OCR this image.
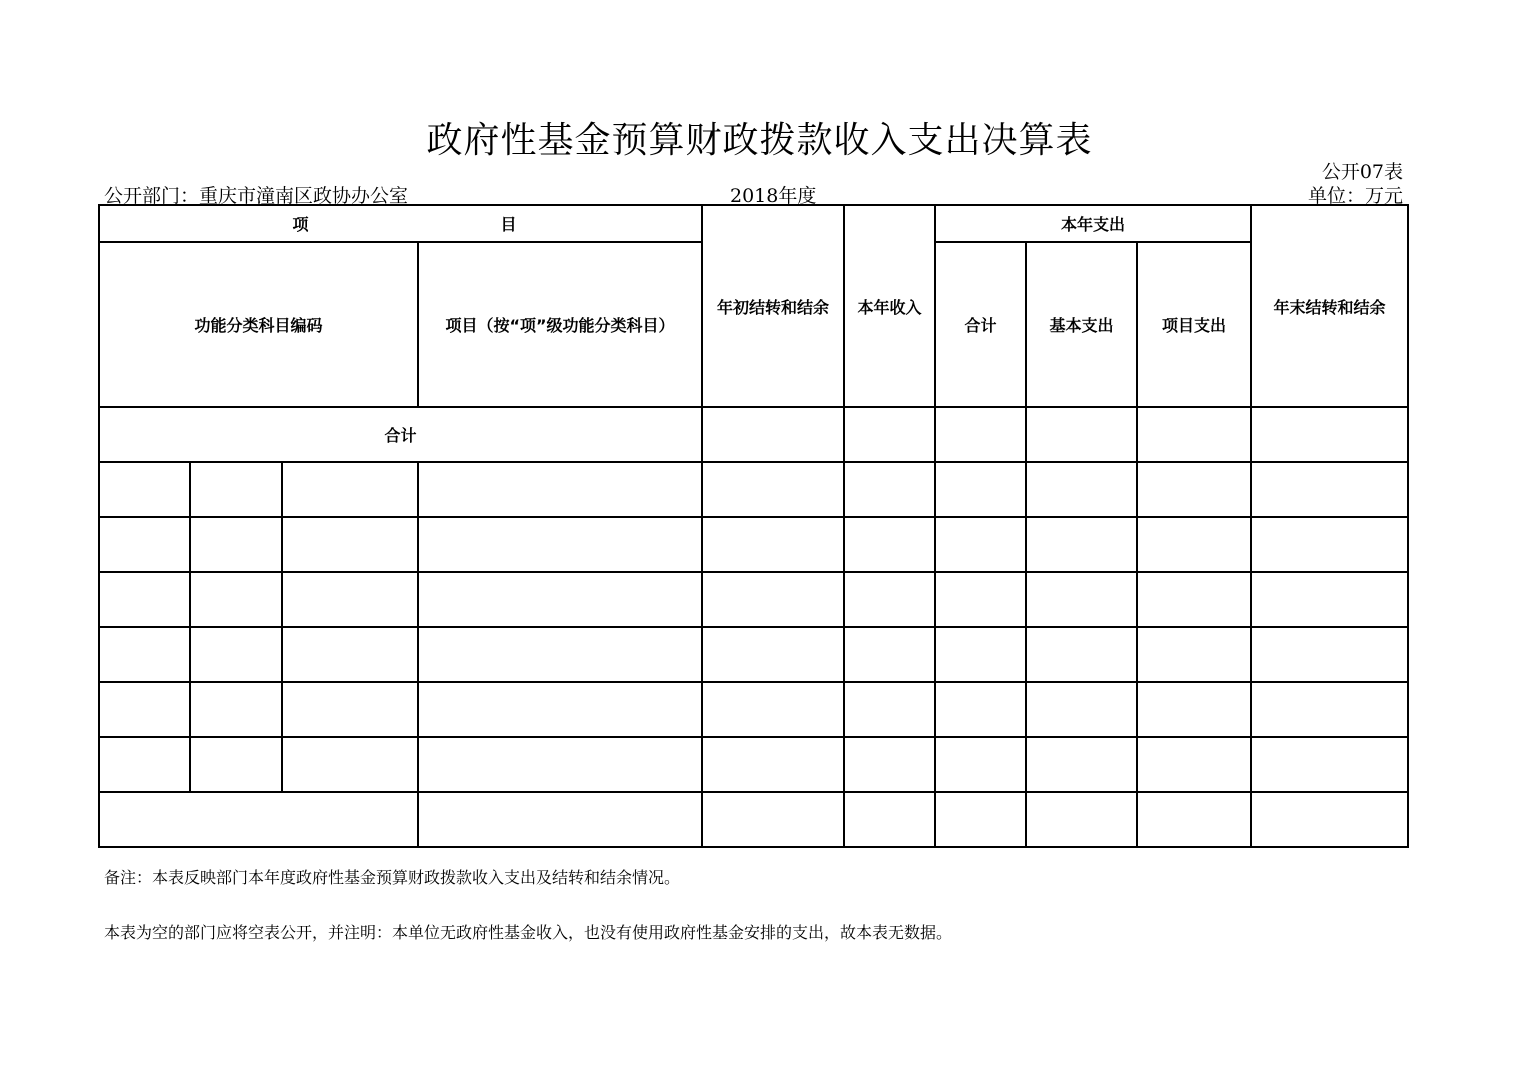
政府性基金预算财政拨款收入支出决算表
公开07表
公开部门：重庆市潼南区政协办公室	2018年度	单位：万元
项 目				年初结转和结余	本年收入	本年支出			年末结转和结余
功能分类科目编码			项目（按“项”级功能分类科目）			合计	基本支出	项目支出	
合计									

备注：本表反映部门本年度政府性基金预算财政拨款收入支出及结转和结余情况。
本表为空的部门应将空表公开，并注明：本单位无政府性基金收入，也没有使用政府性基金安排的支出，故本表无数据。
